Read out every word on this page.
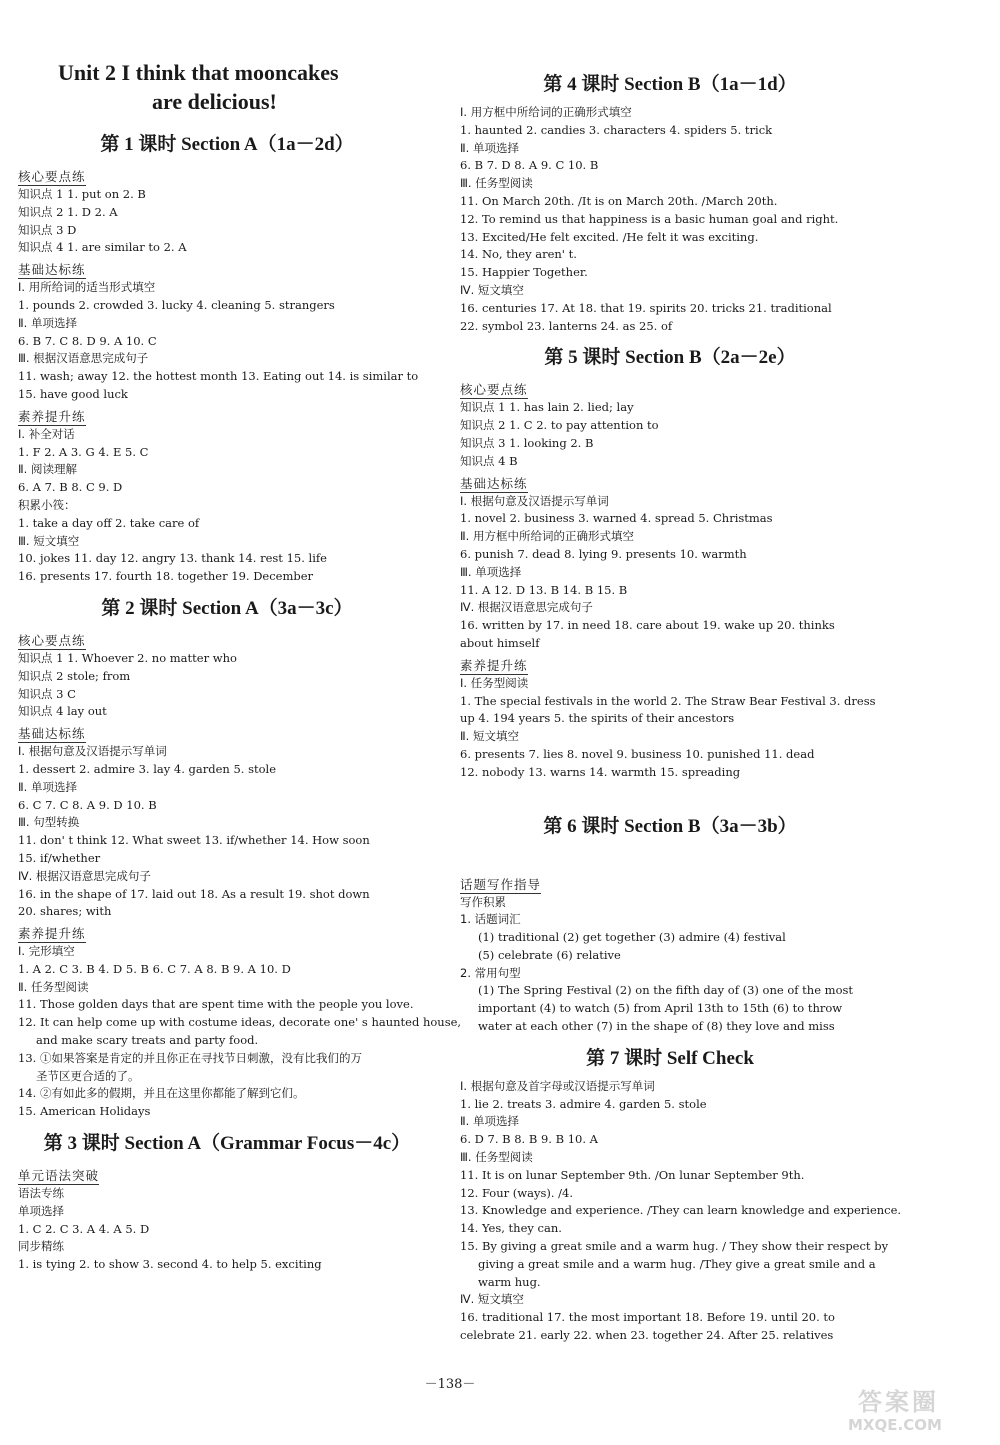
Unit 2 I think that mooncakes
are delicious!
第 1 课时 Section A（1a－2d）
核心要点练
知识点 1 1. put on 2. B
知识点 2 1. D 2. A
知识点 3 D
知识点 4 1. are similar to 2. A
基础达标练
Ⅰ. 用所给词的适当形式填空
1. pounds 2. crowded 3. lucky 4. cleaning 5. strangers
Ⅱ. 单项选择
6. B 7. C 8. D 9. A 10. C
Ⅲ. 根据汉语意思完成句子
11. wash; away 12. the hottest month 13. Eating out 14. is similar to
15. have good luck
素养提升练
Ⅰ. 补全对话
1. F 2. A 3. G 4. E 5. C
Ⅱ. 阅读理解
6. A 7. B 8. C 9. D
积累小筏：
1. take a day off 2. take care of
Ⅲ. 短文填空
10. jokes 11. day 12. angry 13. thank 14. rest 15. life
16. presents 17. fourth 18. together 19. December
第 2 课时 Section A（3a－3c）
核心要点练
知识点 1 1. Whoever 2. no matter who
知识点 2 stole; from
知识点 3 C
知识点 4 lay out
基础达标练
Ⅰ. 根据句意及汉语提示写单词
1. dessert 2. admire 3. lay 4. garden 5. stole
Ⅱ. 单项选择
6. C 7. C 8. A 9. D 10. B
Ⅲ. 句型转换
11. don' t think 12. What sweet 13. if/whether 14. How soon
15. if/whether
Ⅳ. 根据汉语意思完成句子
16. in the shape of 17. laid out 18. As a result 19. shot down
20. shares; with
素养提升练
Ⅰ. 完形填空
1. A 2. C 3. B 4. D 5. B 6. C 7. A 8. B 9. A 10. D
Ⅱ. 任务型阅读
11. Those golden days that are spent time with the people you love.
12. It can help come up with costume ideas, decorate one' s haunted house,
and make scary treats and party food.
13. ①如果答案是肯定的并且你正在寻找节日刺激，没有比我们的万
圣节区更合适的了。
14. ②有如此多的假期，并且在这里你都能了解到它们。
15. American Holidays
第 3 课时 Section A（Grammar Focus－4c）
单元语法突破
语法专练
单项选择
1. C 2. C 3. A 4. A 5. D
同步精练
1. is tying 2. to show 3. second 4. to help 5. exciting
第 4 课时 Section B（1a－1d）
Ⅰ. 用方框中所给词的正确形式填空
1. haunted 2. candies 3. characters 4. spiders 5. trick
Ⅱ. 单项选择
6. B 7. D 8. A 9. C 10. B
Ⅲ. 任务型阅读
11. On March 20th. /It is on March 20th. /March 20th.
12. To remind us that happiness is a basic human goal and right.
13. Excited/He felt excited. /He felt it was exciting.
14. No, they aren' t.
15. Happier Together.
Ⅳ. 短文填空
16. centuries 17. At 18. that 19. spirits 20. tricks 21. traditional
22. symbol 23. lanterns 24. as 25. of
第 5 课时 Section B（2a－2e）
核心要点练
知识点 1 1. has lain 2. lied; lay
知识点 2 1. C 2. to pay attention to
知识点 3 1. looking 2. B
知识点 4 B
基础达标练
Ⅰ. 根据句意及汉语提示写单词
1. novel 2. business 3. warned 4. spread 5. Christmas
Ⅱ. 用方框中所给词的正确形式填空
6. punish 7. dead 8. lying 9. presents 10. warmth
Ⅲ. 单项选择
11. A 12. D 13. B 14. B 15. B
Ⅳ. 根据汉语意思完成句子
16. written by 17. in need 18. care about 19. wake up 20. thinks
about himself
素养提升练
Ⅰ. 任务型阅读
1. The special festivals in the world 2. The Straw Bear Festival 3. dress
up 4. 194 years 5. the spirits of their ancestors
Ⅱ. 短文填空
6. presents 7. lies 8. novel 9. business 10. punished 11. dead
12. nobody 13. warns 14. warmth 15. spreading
第 6 课时 Section B（3a－3b）
话题写作指导
写作积累
1. 话题词汇
(1) traditional (2) get together (3) admire (4) festival
(5) celebrate (6) relative
2. 常用句型
(1) The Spring Festival (2) on the fifth day of (3) one of the most
important (4) to watch (5) from April 13th to 15th (6) to throw
water at each other (7) in the shape of (8) they love and miss
第 7 课时 Self Check
Ⅰ. 根据句意及首字母或汉语提示写单词
1. lie 2. treats 3. admire 4. garden 5. stole
Ⅱ. 单项选择
6. D 7. B 8. B 9. B 10. A
Ⅲ. 任务型阅读
11. It is on lunar September 9th. /On lunar September 9th.
12. Four (ways). /4.
13. Knowledge and experience. /They can learn knowledge and experience.
14. Yes, they can.
15. By giving a great smile and a warm hug. / They show their respect by
giving a great smile and a warm hug. /They give a great smile and a
warm hug.
Ⅳ. 短文填空
16. traditional 17. the most important 18. Before 19. until 20. to
celebrate 21. early 22. when 23. together 24. After 25. relatives
－138－
答案圈
MXQE.COM
